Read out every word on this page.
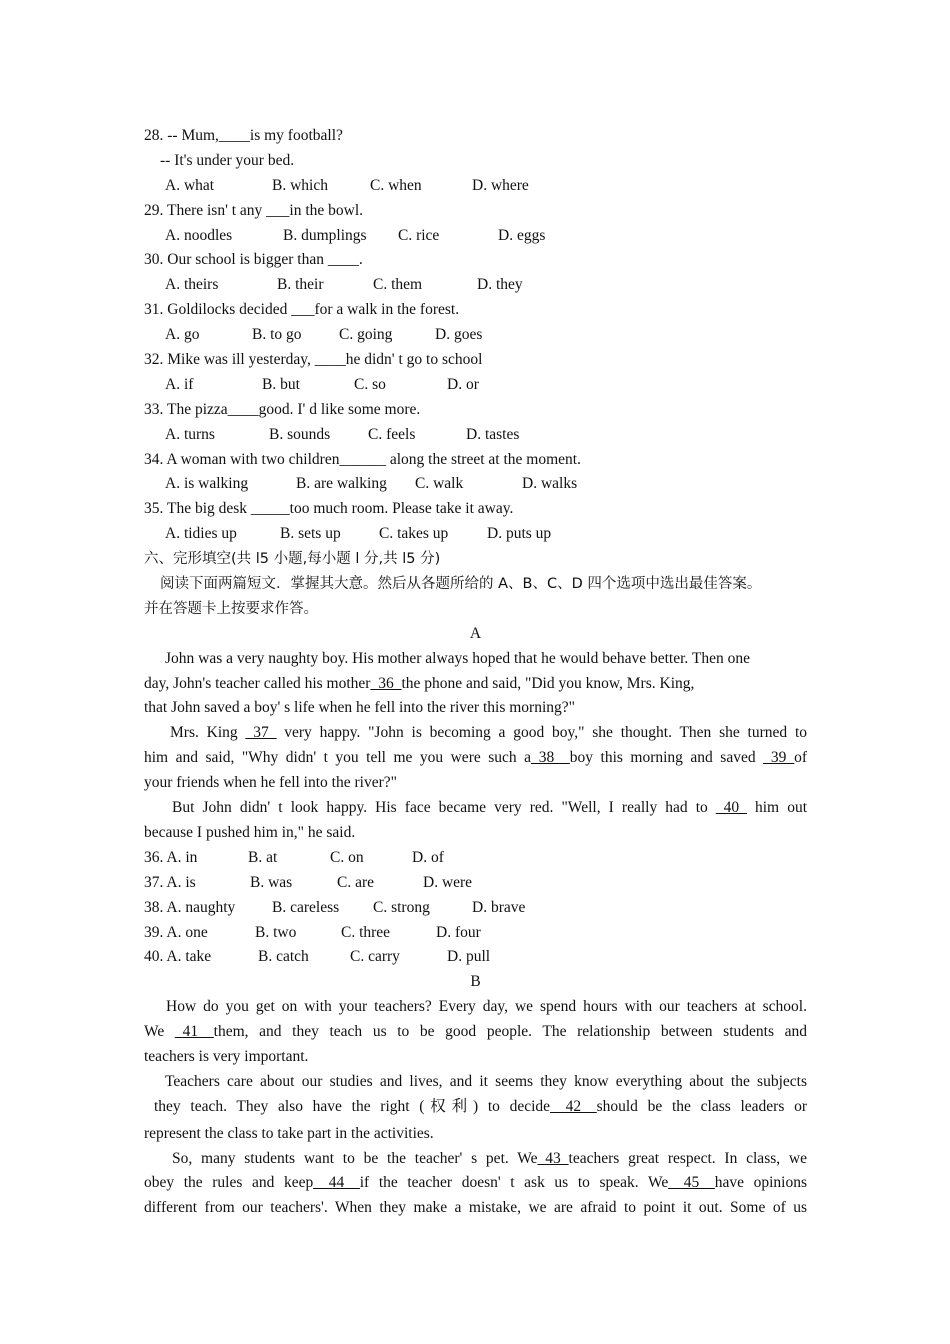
28. -- Mum,____is my football?
-- It's under your bed.
A. what	B. which	C. when	D. where
29. There isn' t any ___in the bowl.
A. noodles	B. dumplings C. rice	D. eggs
30. Our school is bigger than ____.
A. theirs	B. their	C. them	D. they
31. Goldilocks decided ___for a walk in the forest.
A. go	B. to go C. going	D. goes
32. Mike was ill yesterday, ____he didn' t go to school
A. if	B. but	C. so	D. or
33. The pizza____good. I' d like some more.
A. turns	B. sounds C. feels	D. tastes
34. A woman with two children______ along the street at the moment.
A. is walking	B. are walking C. walk	D. walks
35. The big desk _____too much room. Please take it away.
A. tidies up	B. sets up C. takes up D. puts up
六、完形填空(共 l5 小题,每小题 l 分,共 l5 分)
阅读下面两篇短文．掌握其大意。然后从各题所给的 A、B、C、D 四个选项中选出最佳答案。
并在答题卡上按要求作答。
A
John was a very naughty boy. His mother always hoped that he would behave better. Then one
day, John's teacher called his mother_36_the phone and said, "Did you know, Mrs. King,
that John saved a boy' s life when he fell into the river this morning?"
Mrs. King _37_ very happy. "John is becoming a good boy," she thought. Then she turned to
him and said, "Why didn' t you tell me you were such a_38__boy this morning and saved _39_of
your friends when he fell into the river?"
But John didn' t look happy. His face became very red. "Well, I really had to _40_ him out
because I pushed him in," he said.
36. A. in	B. at	C. on	D. of
37. A. is	B. was	C. are	D. were
38. A. naughty B. careless C. strong	D. brave
39. A. one	B. two	C. three	D. four
40. A. take	B. catch	C. carry	D. pull
B
How do you get on with your teachers? Every day, we spend hours with our teachers at school.
We _41__them, and they teach us to be good people. The relationship between students and
teachers is very important.
Teachers care about our studies and lives, and it seems they know everything about the subjects
they teach. They also have the right (权利) to decide__42__should be the class leaders or
represent the class to take part in the activities.
So, many students want to be the teacher' s pet. We_43_teachers great respect. In class, we
obey the rules and keep__44__if the teacher doesn' t ask us to speak. We__45__have opinions
different from our teachers'. When they make a mistake, we are afraid to point it out. Some of us
